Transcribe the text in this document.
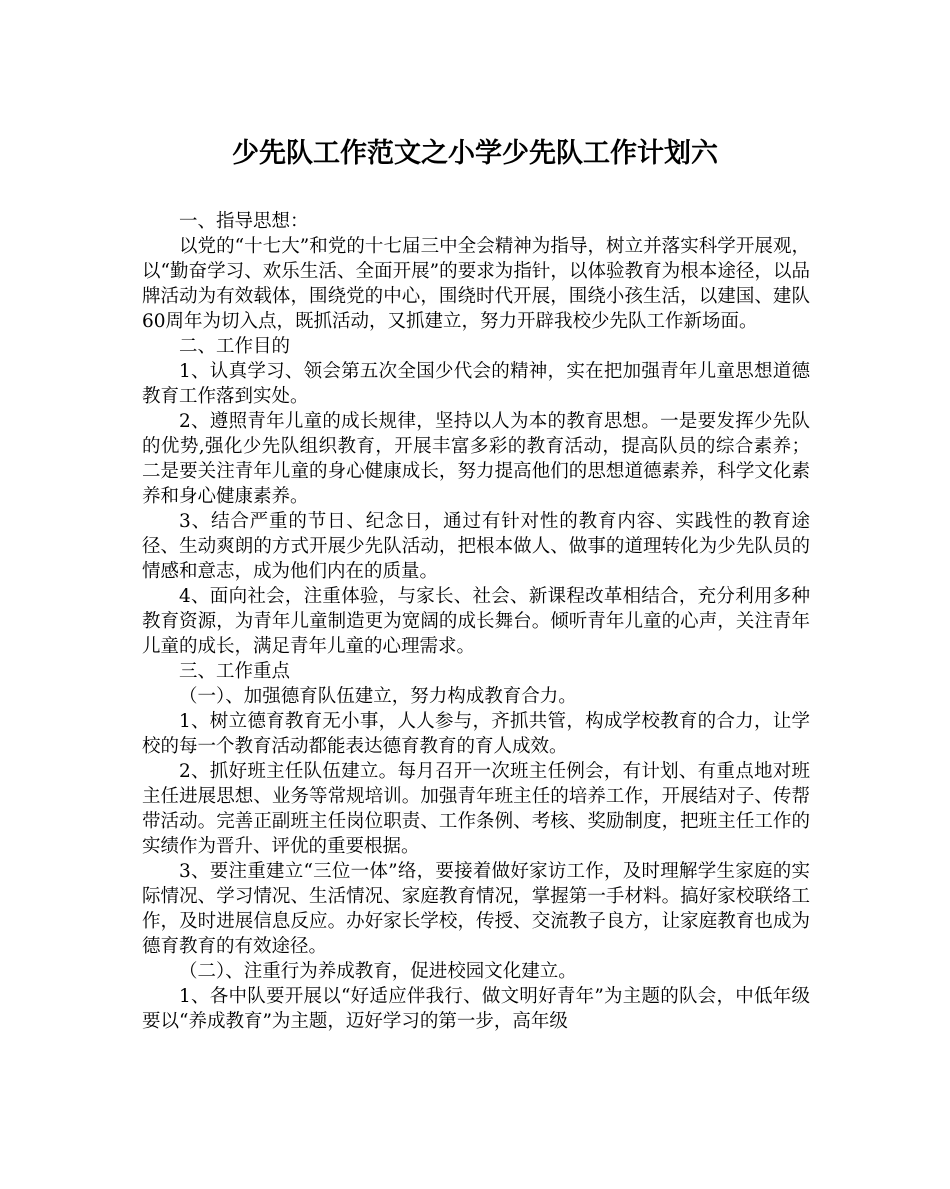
少先队工作范文之小学少先队工作计划六

一、指导思想：

以党的“十七大”和党的十七届三中全会精神为指导，树立并落实科学开展观，以“勤奋学习、欢乐生活、全面开展”的要求为指针，以体验教育为根本途径，以品牌活动为有效载体，围绕党的中心，围绕时代开展，围绕小孩生活，以建国、建队60周年为切入点，既抓活动，又抓建立，努力开辟我校少先队工作新场面。

二、工作目的

1、认真学习、领会第五次全国少代会的精神，实在把加强青年儿童思想道德教育工作落到实处。

2、遵照青年儿童的成长规律，坚持以人为本的教育思想。一是要发挥少先队的优势,强化少先队组织教育，开展丰富多彩的教育活动，提高队员的综合素养；二是要关注青年儿童的身心健康成长，努力提高他们的思想道德素养，科学文化素养和身心健康素养。

3、结合严重的节日、纪念日，通过有针对性的教育内容、实践性的教育途径、生动爽朗的方式开展少先队活动，把根本做人、做事的道理转化为少先队员的情感和意志，成为他们内在的质量。

4、面向社会，注重体验，与家长、社会、新课程改革相结合，充分利用多种教育资源，为青年儿童制造更为宽阔的成长舞台。倾听青年儿童的心声，关注青年儿童的成长，满足青年儿童的心理需求。

三、工作重点

（一）、加强德育队伍建立，努力构成教育合力。

1、树立德育教育无小事，人人参与，齐抓共管，构成学校教育的合力，让学校的每一个教育活动都能表达德育教育的育人成效。

2、抓好班主任队伍建立。每月召开一次班主任例会，有计划、有重点地对班主任进展思想、业务等常规培训。加强青年班主任的培养工作，开展结对子、传帮带活动。完善正副班主任岗位职责、工作条例、考核、奖励制度，把班主任工作的实绩作为晋升、评优的重要根据。

3、要注重建立“三位一体”络，要接着做好家访工作，及时理解学生家庭的实际情况、学习情况、生活情况、家庭教育情况，掌握第一手材料。搞好家校联络工作，及时进展信息反应。办好家长学校，传授、交流教子良方，让家庭教育也成为德育教育的有效途径。

（二）、注重行为养成教育，促进校园文化建立。

1、各中队要开展以“好适应伴我行、做文明好青年”为主题的队会，中低年级要以“养成教育”为主题，迈好学习的第一步，高年级
